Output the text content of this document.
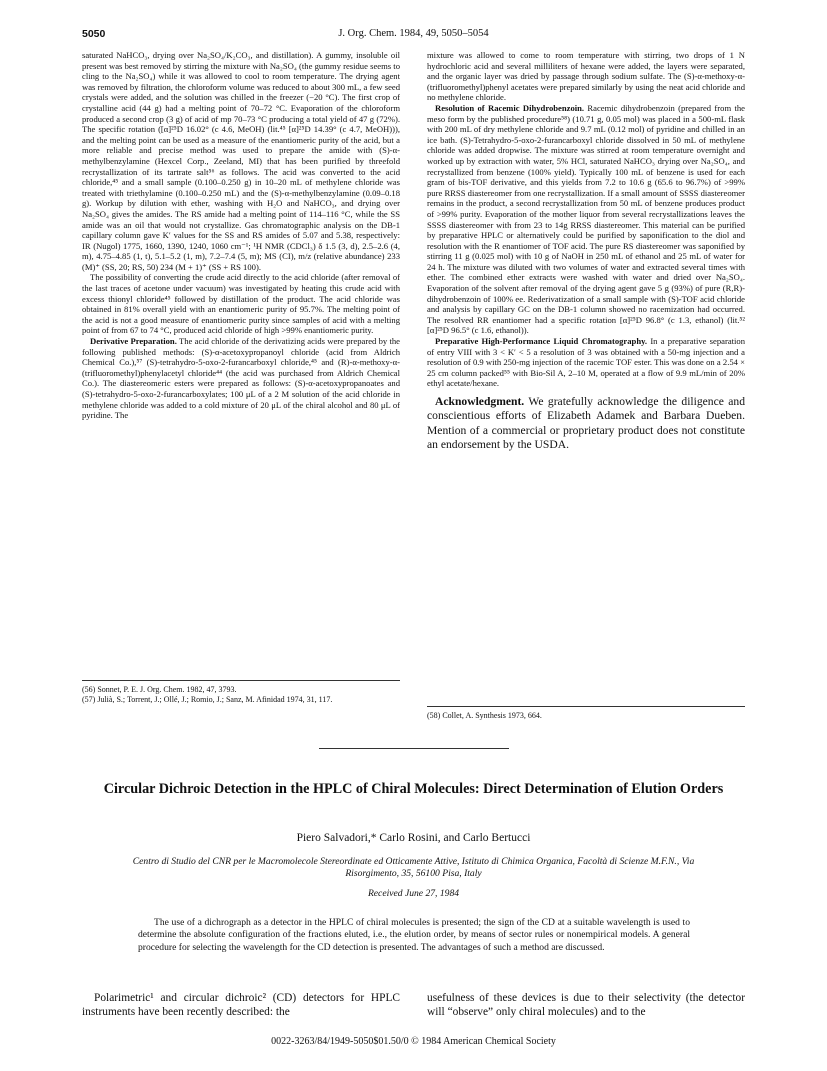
5050	J. Org. Chem. 1984, 49, 5050–5054

saturated NaHCO₃, drying over Na₂SO₄/K₂CO₃, and distillation). A gummy, insoluble oil present was best removed by stirring the mixture with Na₂SO₄ (the gummy residue seems to cling to the Na₂SO₄) while it was allowed to cool to room temperature. The drying agent was removed by filtration, the chloroform volume was reduced to about 300 mL, a few seed crystals were added, and the solution was chilled in the freezer (−20 °C). The first crop of crystalline acid (44 g) had a melting point of 70–72 °C. Evaporation of the chloroform produced a second crop (3 g) of acid of mp 70–73 °C producing a total yield of 47 g (72%). The specific rotation ([α]²⁵D 16.02° (c 4.6, MeOH) (lit.⁴⁵ [α]²⁵D 14.39° (c 4.7, MeOH))), and the melting point can be used as a measure of the enantiomeric purity of the acid, but a more reliable and precise method was used to prepare the amide with (S)-α-methylbenzylamine (Hexcel Corp., Zeeland, MI) that has been purified by threefold recrystallization of its tartrate salt⁵⁶ as follows. The acid was converted to the acid chloride,⁴⁵ and a small sample (0.100–0.250 g) in 10–20 mL of methylene chloride was treated with triethylamine (0.100–0.250 mL) and the (S)-α-methylbenzylamine (0.09–0.18 g). Workup by dilution with ether, washing with H₂O and NaHCO₃, and drying over Na₂SO₄ gives the amides. The RS amide had a melting point of 114–116 °C, while the SS amide was an oil that would not crystallize. Gas chromatographic analysis on the DB-1 capillary column gave K′ values for the SS and RS amides of 5.07 and 5.38, respectively: IR (Nugol) 1775, 1660, 1390, 1240, 1060 cm⁻¹; ¹H NMR (CDCl₃) δ 1.5 (3, d), 2.5–2.6 (4, m), 4.75–4.85 (1, t), 5.1–5.2 (1, m), 7.2–7.4 (5, m); MS (CI), m/z (relative abundance) 233 (M)⁺ (SS, 20; RS, 50) 234 (M + 1)⁺ (SS + RS 100).

The possibility of converting the crude acid directly to the acid chloride (after removal of the last traces of acetone under vacuum) was investigated by heating this crude acid with excess thionyl chloride⁴⁵ followed by distillation of the product. The acid chloride was obtained in 81% overall yield with an enantiomeric purity of 95.7%. The melting point of the acid is not a good measure of enantiomeric purity since samples of acid with a melting point of from 67 to 74 °C, produced acid chloride of high >99% enantiomeric purity.

Derivative Preparation. The acid chloride of the derivatizing acids were prepared by the following published methods: (S)-α-acetoxypropanoyl chloride (acid from Aldrich Chemical Co.),⁵⁷ (S)-tetrahydro-5-oxo-2-furancarboxyl chloride,⁴⁵ and (R)-α-methoxy-α-(trifluoromethyl)phenylacetyl chloride⁴⁴ (the acid was purchased from Aldrich Chemical Co.). The diastereomeric esters were prepared as follows: (S)-α-acetoxypropanoates and (S)-tetrahydro-5-oxo-2-furancarboxylates; 100 μL of a 2 M solution of the acid chloride in methylene chloride was added to a cold mixture of 20 μL of the chiral alcohol and 80 μL of pyridine. The

(56) Sonnet, P. E. J. Org. Chem. 1982, 47, 3793.
(57) Julià, S.; Torrent, J.; Ollé, J.; Romio, J.; Sanz, M. Afinidad 1974, 31, 117.

mixture was allowed to come to room temperature with stirring, two drops of 1 N hydrochloric acid and several milliliters of hexane were added, the layers were separated, and the organic layer was dried by passage through sodium sulfate. The (S)-α-methoxy-α-(trifluoromethyl)phenyl acetates were prepared similarly by using the neat acid chloride and no methylene chloride.

Resolution of Racemic Dihydrobenzoin. Racemic dihydrobenzoin (prepared from the meso form by the published procedure⁵⁸) (10.71 g, 0.05 mol) was placed in a 500-mL flask with 200 mL of dry methylene chloride and 9.7 mL (0.12 mol) of pyridine and chilled in an ice bath. (S)-Tetrahydro-5-oxo-2-furancarboxyl chloride dissolved in 50 mL of methylene chloride was added dropwise. The mixture was stirred at room temperature overnight and worked up by extraction with water, 5% HCl, saturated NaHCO₃ drying over Na₂SO₄, and recrystallized from benzene (100% yield). Typically 100 mL of benzene is used for each gram of bis-TOF derivative, and this yields from 7.2 to 10.6 g (65.6 to 96.7%) of >99% pure RRSS diastereomer from one recrystallization. If a small amount of SSSS diastereomer remains in the product, a second recrystallization from 50 mL of benzene produces product of >99% purity. Evaporation of the mother liquor from several recrystallizations leaves the SSSS diastereomer with from 23 to 14g RRSS diastereomer. This material can be purified by preparative HPLC or alternatively could be purified by saponification to the diol and resolution with the R enantiomer of TOF acid. The pure RS diastereomer was saponified by stirring 11 g (0.025 mol) with 10 g of NaOH in 250 mL of ethanol and 25 mL of water for 24 h. The mixture was diluted with two volumes of water and extracted several times with ether. The combined ether extracts were washed with water and dried over Na₂SO₄. Evaporation of the solvent after removal of the drying agent gave 5 g (93%) of pure (R,R)-dihydrobenzoin of 100% ee. Rederivatization of a small sample with (S)-TOF acid chloride and analysis by capillary GC on the DB-1 column showed no racemization had occurred. The resolved RR enantiomer had a specific rotation [α]²⁵D 96.8° (c 1.3, ethanol) (lit.⁵² [α]²⁵D 96.5° (c 1.6, ethanol)).

Preparative High-Performance Liquid Chromatography. In a preparative separation of entry VIII with 3 < K′ < 5 a resolution of 3 was obtained with a 50-mg injection and a resolution of 0.9 with 250-mg injection of the racemic TOF ester. This was done on a 2.54 × 25 cm column packed⁵⁵ with Bio-Sil A, 2–10 M, operated at a flow of 9.9 mL/min of 20% ethyl acetate/hexane.

Acknowledgment. We gratefully acknowledge the diligence and conscientious efforts of Elizabeth Adamek and Barbara Dueben. Mention of a commercial or proprietary product does not constitute an endorsement by the USDA.

(58) Collet, A. Synthesis 1973, 664.
Circular Dichroic Detection in the HPLC of Chiral Molecules: Direct Determination of Elution Orders
Piero Salvadori,* Carlo Rosini, and Carlo Bertucci
Centro di Studio del CNR per le Macromolecole Stereordinate ed Otticamente Attive, Istituto di Chimica Organica, Facoltà di Scienze M.F.N., Via Risorgimento, 35, 56100 Pisa, Italy
Received June 27, 1984

The use of a dichrograph as a detector in the HPLC of chiral molecules is presented; the sign of the CD at a suitable wavelength is used to determine the absolute configuration of the fractions eluted, i.e., the elution order, by means of sector rules or nonempirical models. A general procedure for selecting the wavelength for the CD detection is presented. The advantages of such a method are discussed.

Polarimetric¹ and circular dichroic² (CD) detectors for HPLC instruments have been recently described: the

usefulness of these devices is due to their selectivity (the detector will “observe” only chiral molecules) and to the

0022-3263/84/1949-5050$01.50/0 © 1984 American Chemical Society
